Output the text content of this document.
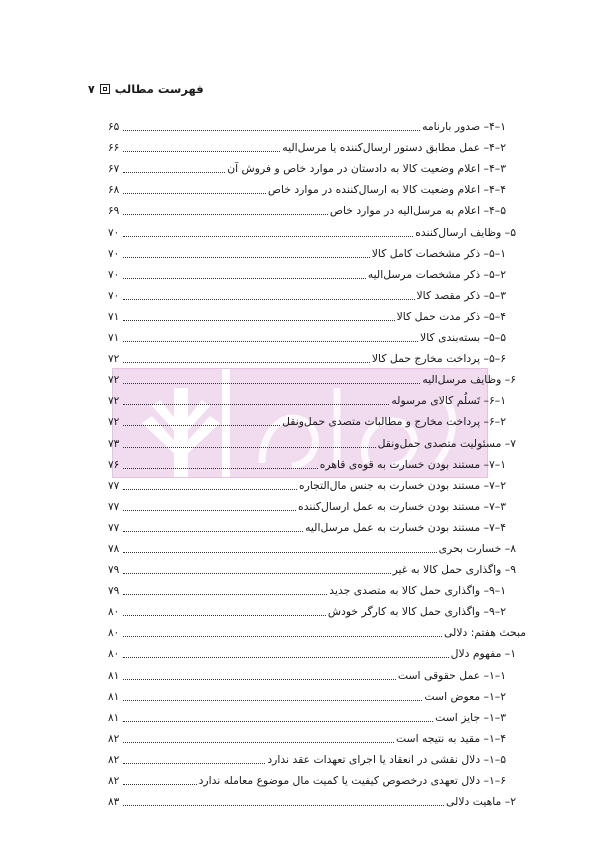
۷ فهرست مطالب
۱–۴– صدور بارنامه
۶۵
۲–۴– عمل مطابق دستور ارسال‌کننده یا مرسل‌الیه
۶۶
۳–۴– اعلام وضعیت کالا به دادستان در موارد خاص و فروش آن
۶۷
۴–۴– اعلام وضعیت کالا به ارسال‌کننده در موارد خاص
۶۸
۵–۴– اعلام به مرسل‌الیه در موارد خاص
۶۹
۵– وظایف ارسال‌کننده
۷۰
۱–۵– ذکر مشخصات کامل کالا
۷۰
۲–۵– ذکر مشخصات مرسل‌الیه
۷۰
۳–۵– ذکر مقصد کالا
۷۰
۴–۵– ذکر مدت حمل کالا
۷۱
۵–۵– بسته‌بندی کالا
۷۱
۶–۵– پرداخت مخارج حمل کالا
۷۲
۶– وظایف مرسل‌الیه
۷۲
۱–۶– تَسلُم کالای مرسوله
۷۲
۲–۶– پرداخت مخارج و مطالبات متصدی حمل‌ونقل
۷۲
۷– مسئولیت متصدی حمل‌ونقل
۷۳
۱–۷– مستند بودن خسارت به قوه‌ی قاهره
۷۶
۲–۷– مستند بودن خسارت به جنس مال‌التجاره
۷۷
۳–۷– مستند بودن خسارت به عمل ارسال‌کننده
۷۷
۴–۷– مستند بودن خسارت به عمل مرسل‌الیه
۷۷
۸– خسارت بحری
۷۸
۹– واگذاری حمل کالا به غیر
۷۹
۱–۹– واگذاری حمل کالا به متصدی جدید
۷۹
۲–۹– واگذاری حمل کالا به کارگر خودش
۸۰
مبحث هفتم: دلالی
۸۰
۱– مفهوم دلال
۸۰
۱–۱– عمل حقوقی است
۸۱
۲–۱– معوض است
۸۱
۳–۱– جایز است
۸۱
۴–۱– مقید به نتیجه است
۸۲
۵–۱– دلال نقشی در انعقاد یا اجرای تعهدات عقد ندارد
۸۲
۶–۱– دلال تعهدی درخصوص کیفیت یا کمیت مال موضوع معامله ندارد
۸۲
۲– ماهیت دلالی
۸۳
